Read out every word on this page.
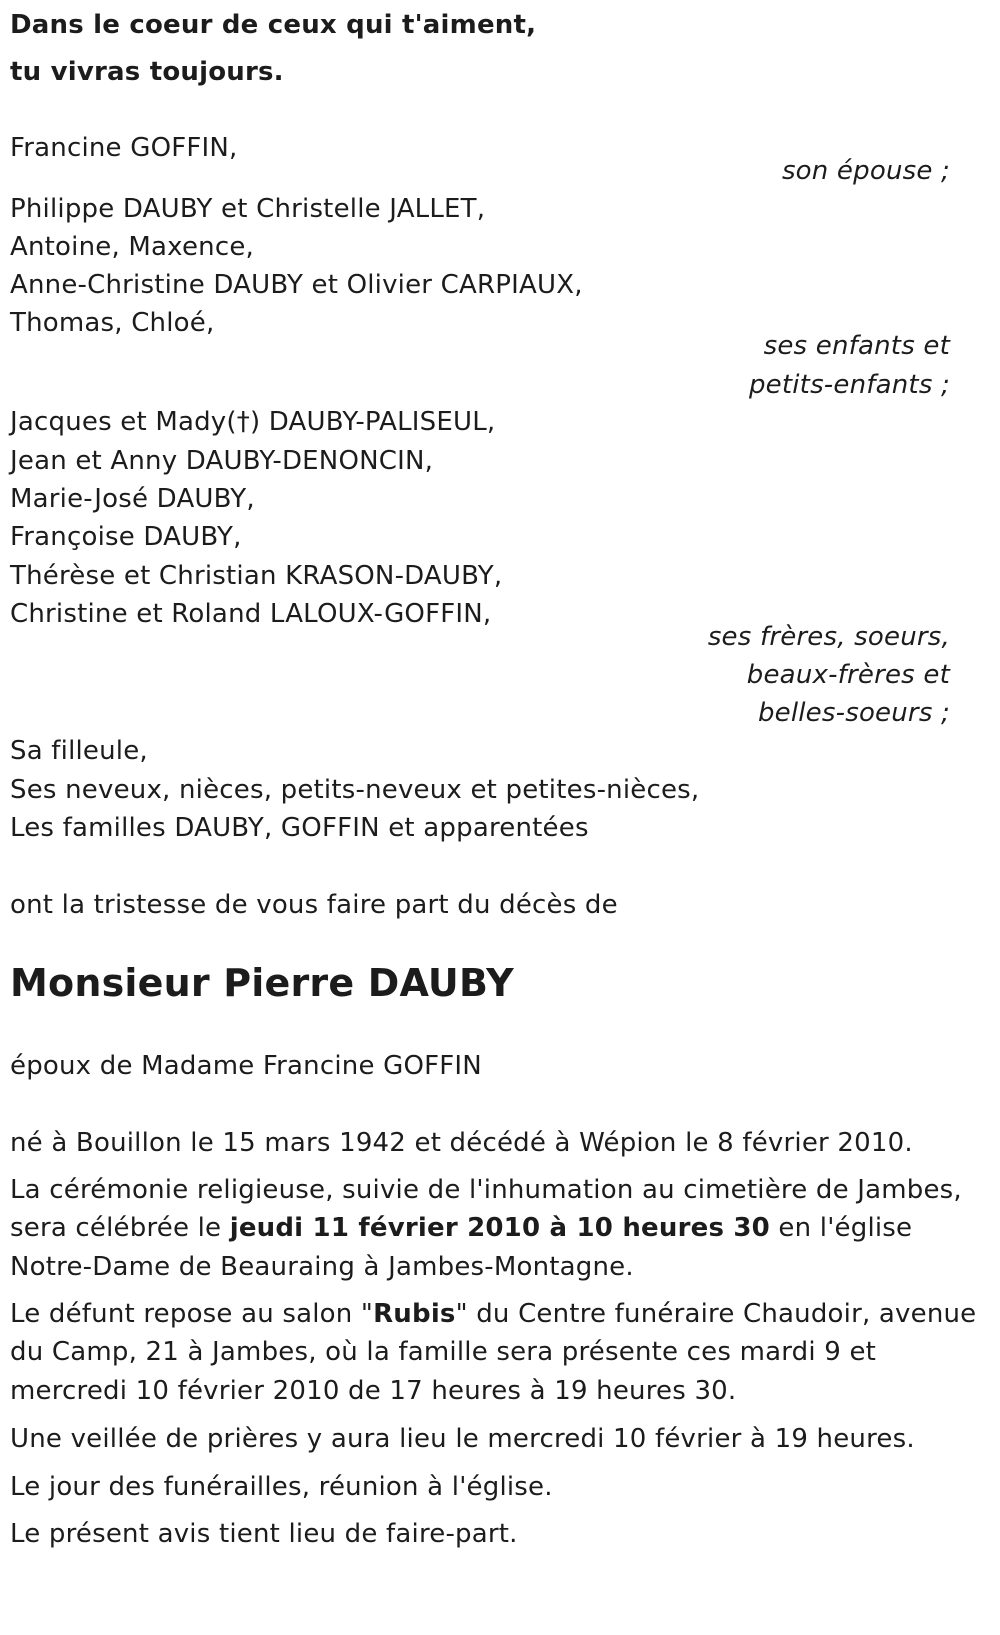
Dans le coeur de ceux qui t'aiment,
tu vivras toujours.
Francine GOFFIN,
son épouse ;
Philippe DAUBY et Christelle JALLET,
Antoine, Maxence,
Anne-Christine DAUBY et Olivier CARPIAUX,
Thomas, Chloé,
ses enfants et
petits-enfants ;
Jacques et Mady(†) DAUBY-PALISEUL,
Jean et Anny DAUBY-DENONCIN,
Marie-José DAUBY,
Françoise DAUBY,
Thérèse et Christian KRASON-DAUBY,
Christine et Roland LALOUX-GOFFIN,
ses frères, soeurs,
beaux-frères et
belles-soeurs ;
Sa filleule,
Ses neveux, nièces, petits-neveux et petites-nièces,
Les familles DAUBY, GOFFIN et apparentées
ont la tristesse de vous faire part du décès de
Monsieur Pierre DAUBY
époux de Madame Francine GOFFIN
né à Bouillon le 15 mars 1942 et décédé à Wépion le 8 février 2010.
La cérémonie religieuse, suivie de l'inhumation au cimetière de Jambes,
sera célébrée le jeudi 11 février 2010 à 10 heures 30 en l'église
Notre-Dame de Beauraing à Jambes-Montagne.
Le défunt repose au salon "Rubis" du Centre funéraire Chaudoir, avenue
du Camp, 21 à Jambes, où la famille sera présente ces mardi 9 et
mercredi 10 février 2010 de 17 heures à 19 heures 30.
Une veillée de prières y aura lieu le mercredi 10 février à 19 heures.
Le jour des funérailles, réunion à l'église.
Le présent avis tient lieu de faire-part.
